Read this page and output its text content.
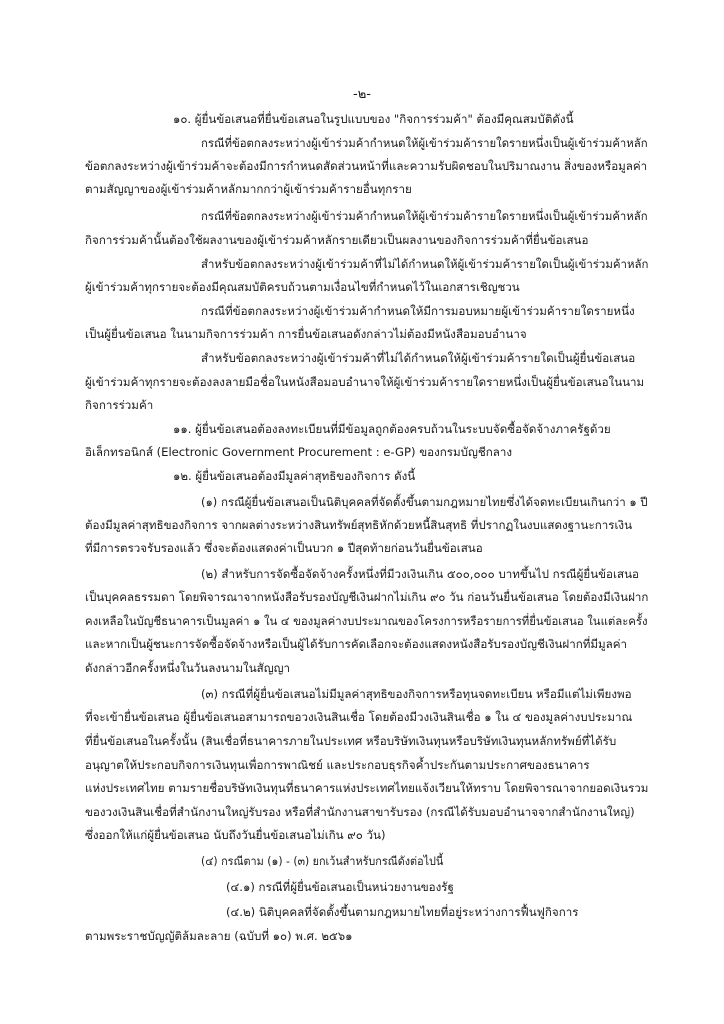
-๒-
๑๐. ผู้ยื่นข้อเสนอที่ยื่นข้อเสนอในรูปแบบของ "กิจการร่วมค้า" ต้องมีคุณสมบัติดังนี้
กรณีที่ข้อตกลงระหว่างผู้เข้าร่วมค้ากำหนดให้ผู้เข้าร่วมค้ารายใดรายหนึ่งเป็นผู้เข้าร่วมค้าหลัก
ข้อตกลงระหว่างผู้เข้าร่วมค้าจะต้องมีการกำหนดสัดส่วนหน้าที่และความรับผิดชอบในปริมาณงาน สิ่งของหรือมูลค่า
ตามสัญญาของผู้เข้าร่วมค้าหลักมากกว่าผู้เข้าร่วมค้ารายอื่นทุกราย
กรณีที่ข้อตกลงระหว่างผู้เข้าร่วมค้ากำหนดให้ผู้เข้าร่วมค้ารายใดรายหนึ่งเป็นผู้เข้าร่วมค้าหลัก
กิจการร่วมค้านั้นต้องใช้ผลงานของผู้เข้าร่วมค้าหลักรายเดียวเป็นผลงานของกิจการร่วมค้าที่ยื่นข้อเสนอ
สำหรับข้อตกลงระหว่างผู้เข้าร่วมค้าที่ไม่ได้กำหนดให้ผู้เข้าร่วมค้ารายใดเป็นผู้เข้าร่วมค้าหลัก
ผู้เข้าร่วมค้าทุกรายจะต้องมีคุณสมบัติครบถ้วนตามเงื่อนไขที่กำหนดไว้ในเอกสารเชิญชวน
กรณีที่ข้อตกลงระหว่างผู้เข้าร่วมค้ากำหนดให้มีการมอบหมายผู้เข้าร่วมค้ารายใดรายหนึ่ง
เป็นผู้ยื่นข้อเสนอ ในนามกิจการร่วมค้า การยื่นข้อเสนอดังกล่าวไม่ต้องมีหนังสือมอบอำนาจ
สำหรับข้อตกลงระหว่างผู้เข้าร่วมค้าที่ไม่ได้กำหนดให้ผู้เข้าร่วมค้ารายใดเป็นผู้ยื่นข้อเสนอ
ผู้เข้าร่วมค้าทุกรายจะต้องลงลายมือชื่อในหนังสือมอบอำนาจให้ผู้เข้าร่วมค้ารายใดรายหนึ่งเป็นผู้ยื่นข้อเสนอในนาม
กิจการร่วมค้า
๑๑. ผู้ยื่นข้อเสนอต้องลงทะเบียนที่มีข้อมูลถูกต้องครบถ้วนในระบบจัดซื้อจัดจ้างภาครัฐด้วย
อิเล็กทรอนิกส์ (Electronic Government Procurement : e-GP) ของกรมบัญชีกลาง
๑๒. ผู้ยื่นข้อเสนอต้องมีมูลค่าสุทธิของกิจการ ดังนี้
(๑) กรณีผู้ยื่นข้อเสนอเป็นนิติบุคคลที่จัดตั้งขึ้นตามกฎหมายไทยซึ่งได้จดทะเบียนเกินกว่า ๑ ปี
ต้องมีมูลค่าสุทธิของกิจการ จากผลต่างระหว่างสินทรัพย์สุทธิหักด้วยหนี้สินสุทธิ ที่ปรากฏในงบแสดงฐานะการเงิน
ที่มีการตรวจรับรองแล้ว ซึ่งจะต้องแสดงค่าเป็นบวก ๑ ปีสุดท้ายก่อนวันยื่นข้อเสนอ
(๒) สำหรับการจัดซื้อจัดจ้างครั้งหนึ่งที่มีวงเงินเกิน ๕๐๐,๐๐๐ บาทขึ้นไป กรณีผู้ยื่นข้อเสนอ
เป็นบุคคลธรรมดา โดยพิจารณาจากหนังสือรับรองบัญชีเงินฝากไม่เกิน ๙๐ วัน ก่อนวันยื่นข้อเสนอ โดยต้องมีเงินฝาก
คงเหลือในบัญชีธนาคารเป็นมูลค่า ๑ ใน ๔ ของมูลค่างบประมาณของโครงการหรือรายการที่ยื่นข้อเสนอ ในแต่ละครั้ง
และหากเป็นผู้ชนะการจัดซื้อจัดจ้างหรือเป็นผู้ได้รับการคัดเลือกจะต้องแสดงหนังสือรับรองบัญชีเงินฝากที่มีมูลค่า
ดังกล่าวอีกครั้งหนึ่งในวันลงนามในสัญญา
(๓) กรณีที่ผู้ยื่นข้อเสนอไม่มีมูลค่าสุทธิของกิจการหรือทุนจดทะเบียน หรือมีแต่ไม่เพียงพอ
ที่จะเข้ายื่นข้อเสนอ ผู้ยื่นข้อเสนอสามารถขอวงเงินสินเชื่อ โดยต้องมีวงเงินสินเชื่อ ๑ ใน ๔ ของมูลค่างบประมาณ
ที่ยื่นข้อเสนอในครั้งนั้น (สินเชื่อที่ธนาคารภายในประเทศ หรือบริษัทเงินทุนหรือบริษัทเงินทุนหลักทรัพย์ที่ได้รับ
อนุญาตให้ประกอบกิจการเงินทุนเพื่อการพาณิชย์ และประกอบธุรกิจค้ำประกันตามประกาศของธนาคาร
แห่งประเทศไทย ตามรายชื่อบริษัทเงินทุนที่ธนาคารแห่งประเทศไทยแจ้งเวียนให้ทราบ โดยพิจารณาจากยอดเงินรวม
ของวงเงินสินเชื่อที่สำนักงานใหญ่รับรอง หรือที่สำนักงานสาขารับรอง (กรณีได้รับมอบอำนาจจากสำนักงานใหญ่)
ซึ่งออกให้แก่ผู้ยื่นข้อเสนอ นับถึงวันยื่นข้อเสนอไม่เกิน ๙๐ วัน)
(๔) กรณีตาม (๑) - (๓) ยกเว้นสำหรับกรณีดังต่อไปนี้
(๔.๑) กรณีที่ผู้ยื่นข้อเสนอเป็นหน่วยงานของรัฐ
(๔.๒) นิติบุคคลที่จัดตั้งขึ้นตามกฎหมายไทยที่อยู่ระหว่างการฟื้นฟูกิจการ
ตามพระราชบัญญัติล้มละลาย (ฉบับที่ ๑๐) พ.ศ. ๒๕๖๑
